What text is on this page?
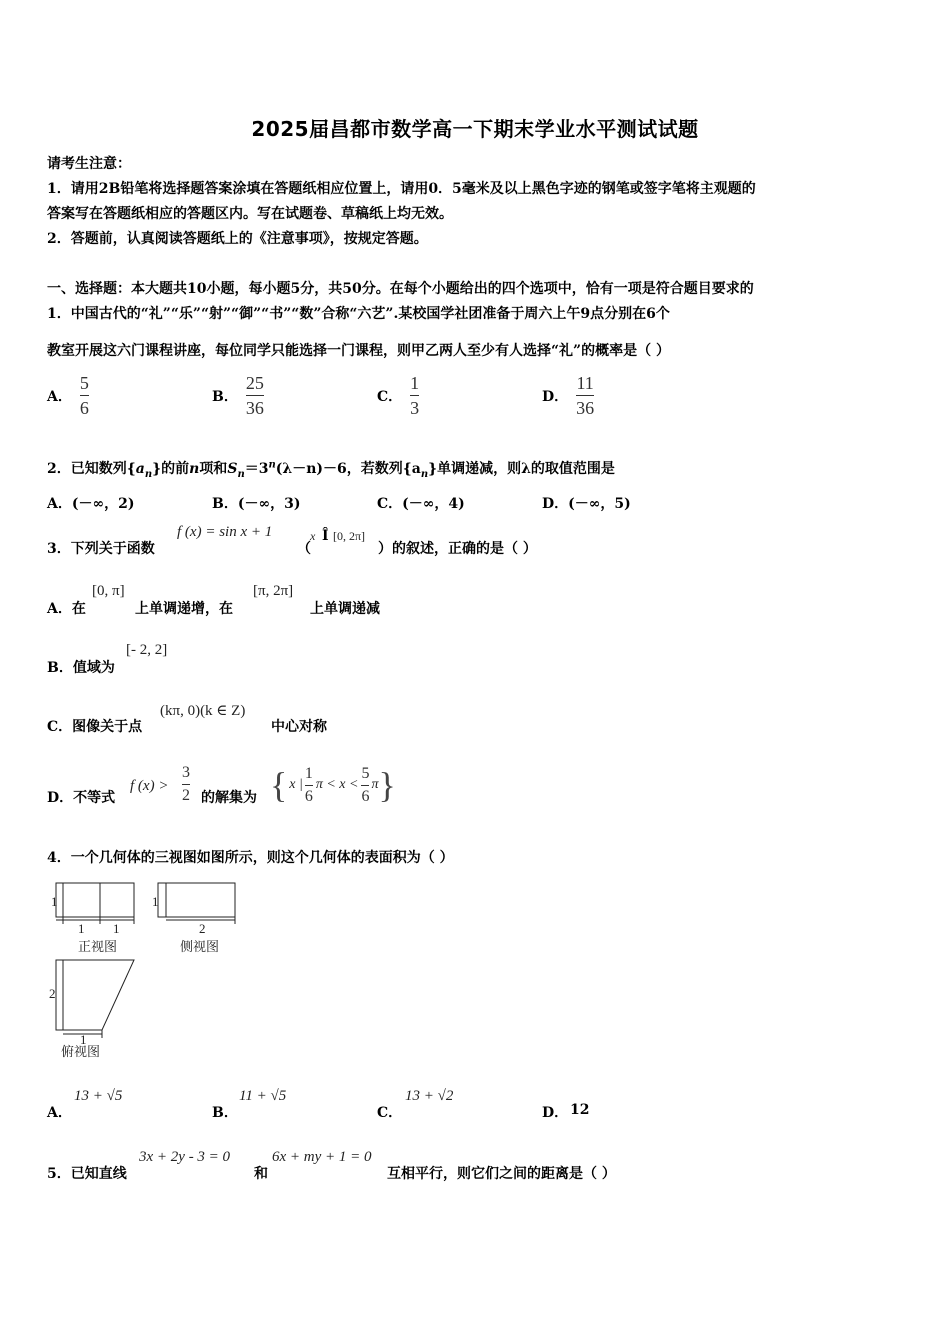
2025届昌都市数学高一下期末学业水平测试试题
请考生注意：
1．请用2B铅笔将选择题答案涂填在答题纸相应位置上，请用0．5毫米及以上黑色字迹的钢笔或签字笔将主观题的
答案写在答题纸相应的答题区内。写在试题卷、草稿纸上均无效。
2．答题前，认真阅读答题纸上的《注意事项》，按规定答题。
一、选择题：本大题共10小题，每小题5分，共50分。在每个小题给出的四个选项中，恰有一项是符合题目要求的
1．中国古代的“礼”“乐”“射”“御”“书”“数”合称“六艺”.某校国学社团准备于周六上午9点分别在6个
教室开展这六门课程讲座，每位同学只能选择一门课程，则甲乙两人至少有人选择“礼”的概率是（ ）
A． $\frac{5}{6}$	B． $\frac{25}{36}$	C． $\frac{1}{3}$	D． $\frac{11}{36}$
2．已知数列$\{a_n\}$的前n项和$S_n=3^n(\lambda-n)-6$，若数列$\{a_n\}$单调递减，则λ的取值范围是
A．(－∞，2)	B．(－∞，3)	C．(－∞，4)	D．(－∞，5)
3．下列关于函数
f (x) = sin x + 1
（
x Î [0, 2π]
）的叙述，正确的是（ ）
A．在
[0, π]
上单调递增，在
[π, 2π]
上单调递减
B．值域为
[- 2, 2]
C．图像关于点
(kπ, 0)(k ∈ Z)
中心对称
D．不等式
f (x) >
3
2 的解集为 { x | $\frac{1}{6}$ $\pi < x < \frac{5}{6}$ π }
4．一个几何体的三视图如图所示，则这个几何体的表面积为（ ）
1
1 1
1
2
2
1
正视图	侧视图
俯视图
A．
13 + √5
B．
11 + √5
C．
13 + √2
D． 12
5．已知直线
3x + 2y - 3 = 0
和
6x + my + 1 = 0
互相平行，则它们之间的距离是（ ）
